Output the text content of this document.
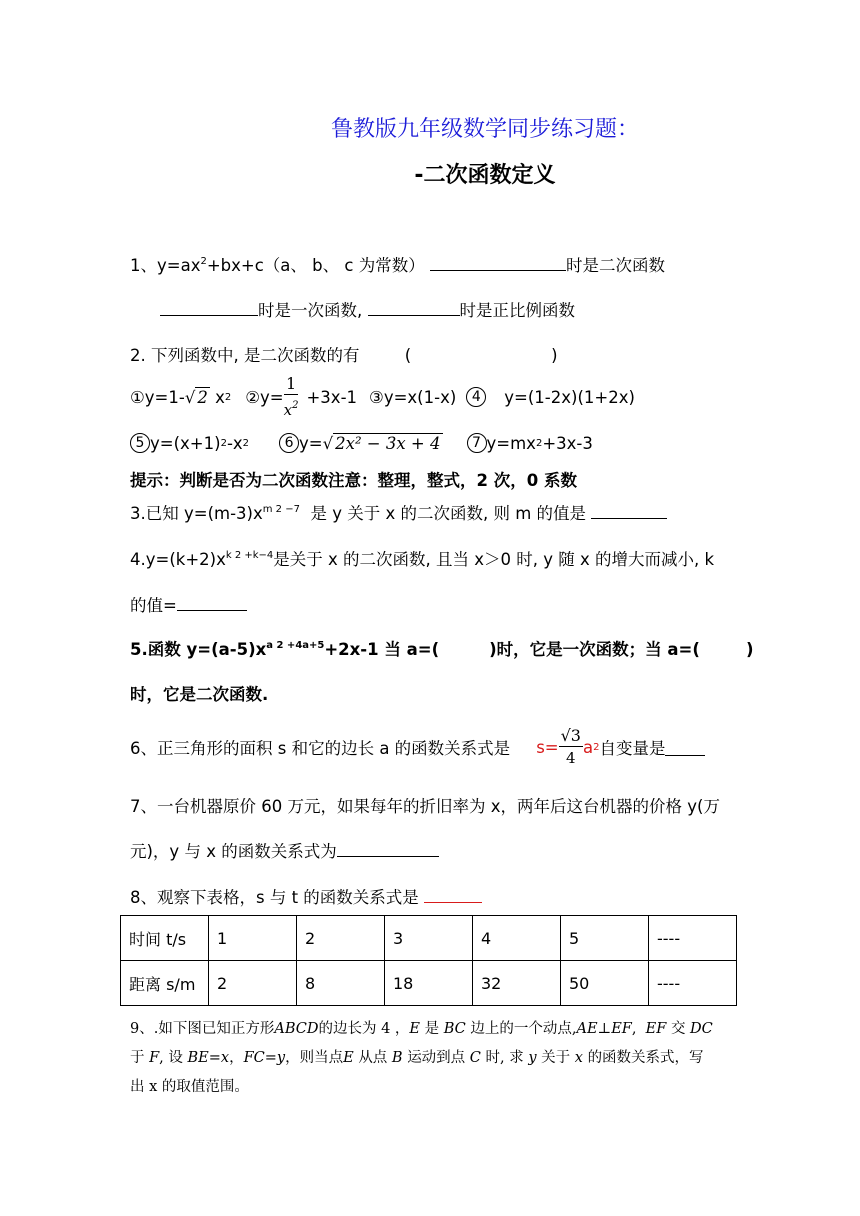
鲁教版九年级数学同步练习题：
-二次函数定义
1、$y=ax^2+bx+c(a$、 b、 c 为常数）	时是二次函数
时是一次函数,	时是正比例函数
2. 下列函数中, 是二次函数的有	(	)
①y=1- √ 2
x 2 ②y= $\frac{1}{x^2} +3x-1$ ③y=x(1-x)	4	y=(1-2x)(1+2x)
5 y=(x+1) 2 -x 2	6 y= √ 2x² − 3x + 4	7 y=mx 2 +3x-3
提示：判断是否为二次函数注意：整理，整式，2 次，0 系数
3.已知 $y=(m-3)x^{m 2 -7}$ 是 y 关于 x 的二次函数, 则 m 的值是
$4.y=(k+2)x^{k 2 +k-4}$是关于 x 的二次函数, 且当 x＞0 时, y 随 x 的增大而减小, k
的值=
5.函数 $y=(a-5)x^{a 2 +4a+5}+2x-1$ 当 a=(	)时，它是一次函数；当 a=(	)
时，它是二次函数.
6、正三角形的面积 s 和它的边长 a 的函数关系式是 $s= \frac{√3}{4}$ a 2 自变量是
7、一台机器原价 60 万元，如果每年的折旧率为 x，两年后这台机器的价格 y(万
元)，y 与 x 的函数关系式为
8、观察下表格，s 与 t 的函数关系式是
时间 t/s	1	2	3	4	5	----
距离 s/m	2	8	18	32	50	----
9、.如下图已知正方形ABCD的边长为 4 ，E 是 BC 边上的一个动点,AE⊥EF, EF 交 DC
于 F, 设 BE=x，FC=y，则当点E 从点 B 运动到点 C 时, 求 y 关于 x 的函数关系式，写
出 x 的取值范围。
